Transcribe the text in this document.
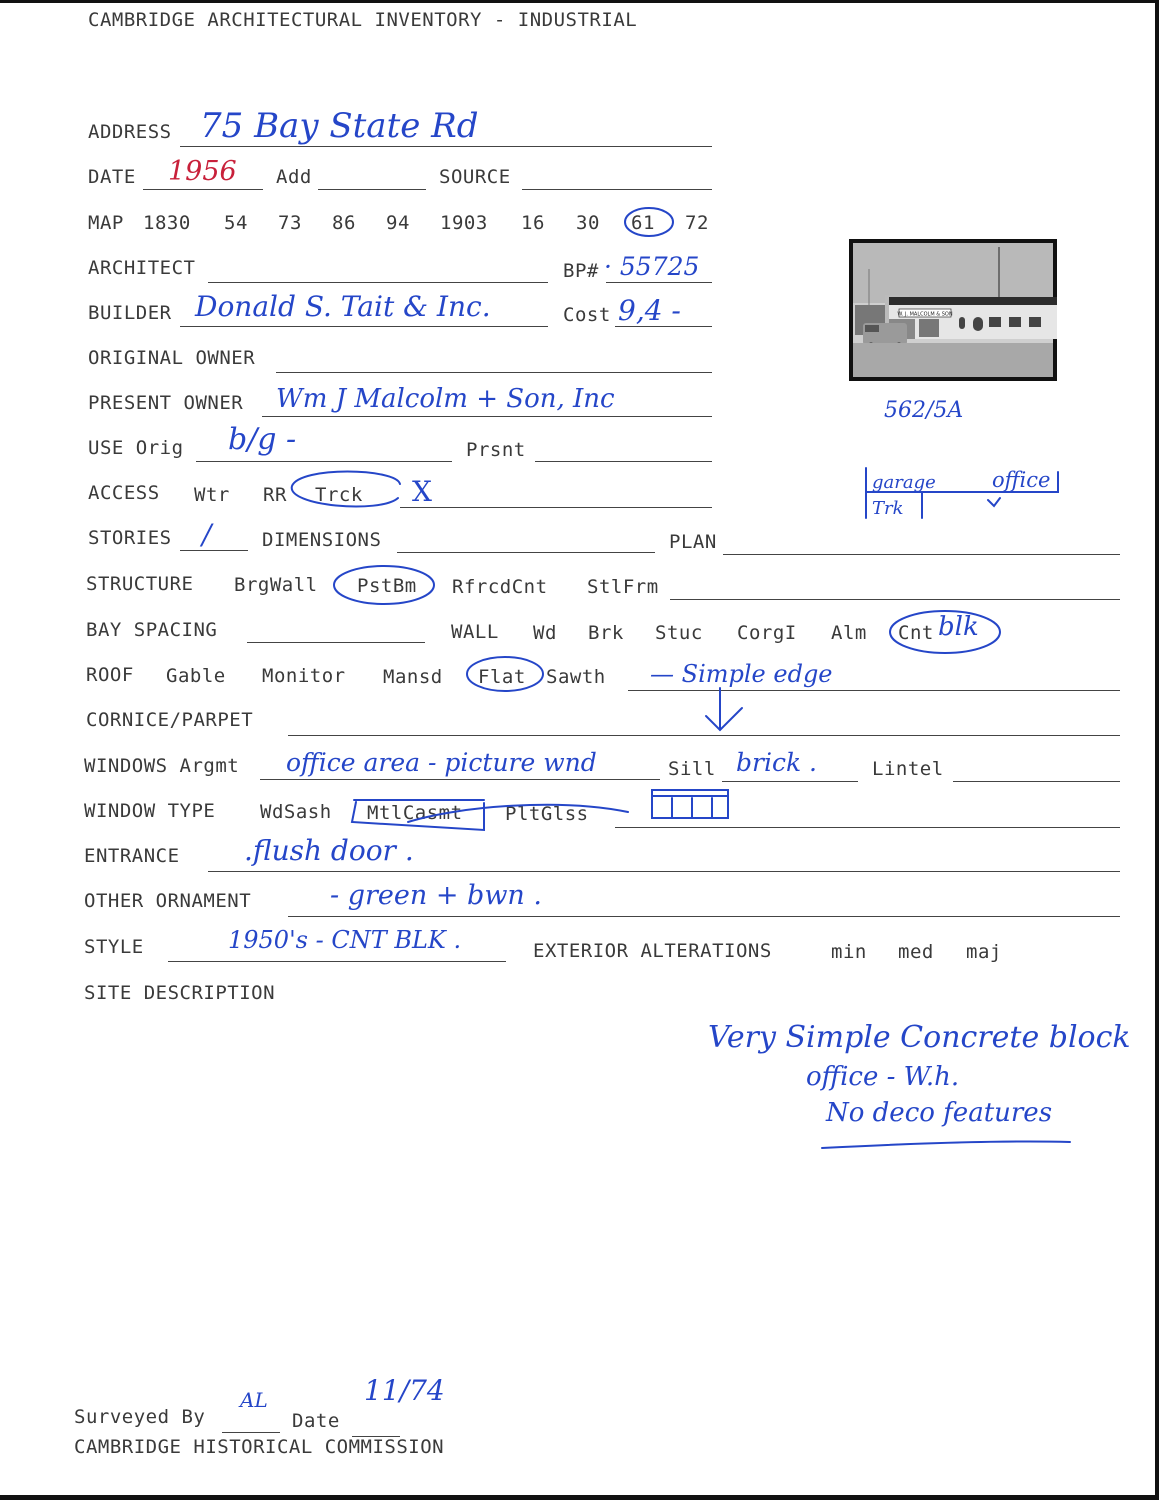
CAMBRIDGE ARCHITECTURAL INVENTORY - INDUSTRIAL
ADDRESS 75 Bay State Rd
DATE 1956 Add	SOURCE
MAP 1830 54 73 86 94 1903 16 30 61 72
ARCHITECT	BP# · 55725
BUILDER Donald S. Tait & Inc.	Cost 9,4 -
ORIGINAL OWNER
PRESENT OWNER Wm J Malcolm + Son, Inc
USE Orig b/g -	Prsnt
ACCESS Wtr RR Trck X
STORIES /	DIMENSIONS	PLAN
STRUCTURE BrgWall PstBm RfrcdCnt StlFrm
BAY SPACING	WALL Wd Brk Stuc CorgI Alm Cnt blk
ROOF Gable Monitor Mansd Flat Sawth — Simple edge
CORNICE/PARPET
WINDOWS Argmt office area - picture wnd	Sill brick .	Lintel
WINDOW TYPE WdSash MtlCasmt PltGlss
ENTRANCE .flush door .
OTHER ORNAMENT	- green + bwn .
STYLE	1950's - CNT BLK .	EXTERIOR ALTERATIONS	min med maj
SITE DESCRIPTION
Very Simple Concrete block
office - W.h.
No deco features
W. J. MALCOLM & SON
562/5A
garage
Trk
office
Surveyed By
AL
Date
11/74
CAMBRIDGE HISTORICAL COMMISSION
